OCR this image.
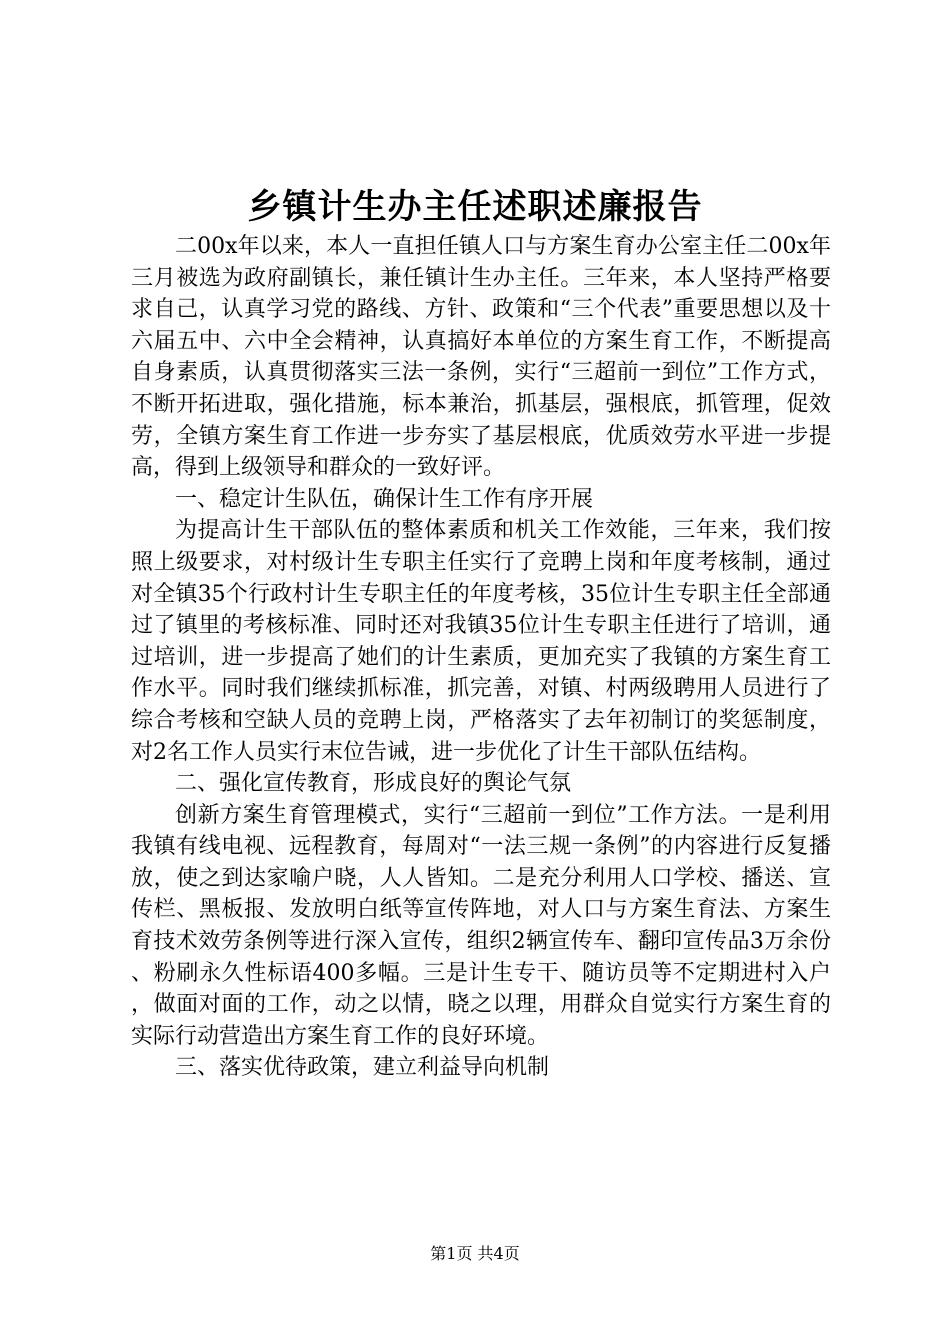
乡镇计生办主任述职述廉报告

二00x年以来，本人一直担任镇人口与方案生育办公室主任二00x年三月被选为政府副镇长，兼任镇计生办主任。三年来，本人坚持严格要求自己，认真学习党的路线、方针、政策和“三个代表”重要思想以及十六届五中、六中全会精神，认真搞好本单位的方案生育工作，不断提高自身素质，认真贯彻落实三法一条例，实行“三超前一到位”工作方式，不断开拓进取，强化措施，标本兼治，抓基层，强根底，抓管理，促效劳，全镇方案生育工作进一步夯实了基层根底，优质效劳水平进一步提高，得到上级领导和群众的一致好评。

一、稳定计生队伍，确保计生工作有序开展

为提高计生干部队伍的整体素质和机关工作效能，三年来，我们按照上级要求，对村级计生专职主任实行了竞聘上岗和年度考核制，通过对全镇35个行政村计生专职主任的年度考核，35位计生专职主任全部通过了镇里的考核标准、同时还对我镇35位计生专职主任进行了培训，通过培训，进一步提高了她们的计生素质，更加充实了我镇的方案生育工作水平。同时我们继续抓标准，抓完善，对镇、村两级聘用人员进行了综合考核和空缺人员的竞聘上岗，严格落实了去年初制订的奖惩制度，对2名工作人员实行末位告诫，进一步优化了计生干部队伍结构。

二、强化宣传教育，形成良好的舆论气氛

创新方案生育管理模式，实行“三超前一到位”工作方法。一是利用我镇有线电视、远程教育，每周对“一法三规一条例”的内容进行反复播放，使之到达家喻户晓，人人皆知。二是充分利用人口学校、播送、宣传栏、黑板报、发放明白纸等宣传阵地，对人口与方案生育法、方案生育技术效劳条例等进行深入宣传，组织2辆宣传车、翻印宣传品3万余份、粉刷永久性标语400多幅。三是计生专干、随访员等不定期进村入户，做面对面的工作，动之以情，晓之以理，用群众自觉实行方案生育的实际行动营造出方案生育工作的良好环境。

三、落实优待政策，建立利益导向机制

第1页 共4页
